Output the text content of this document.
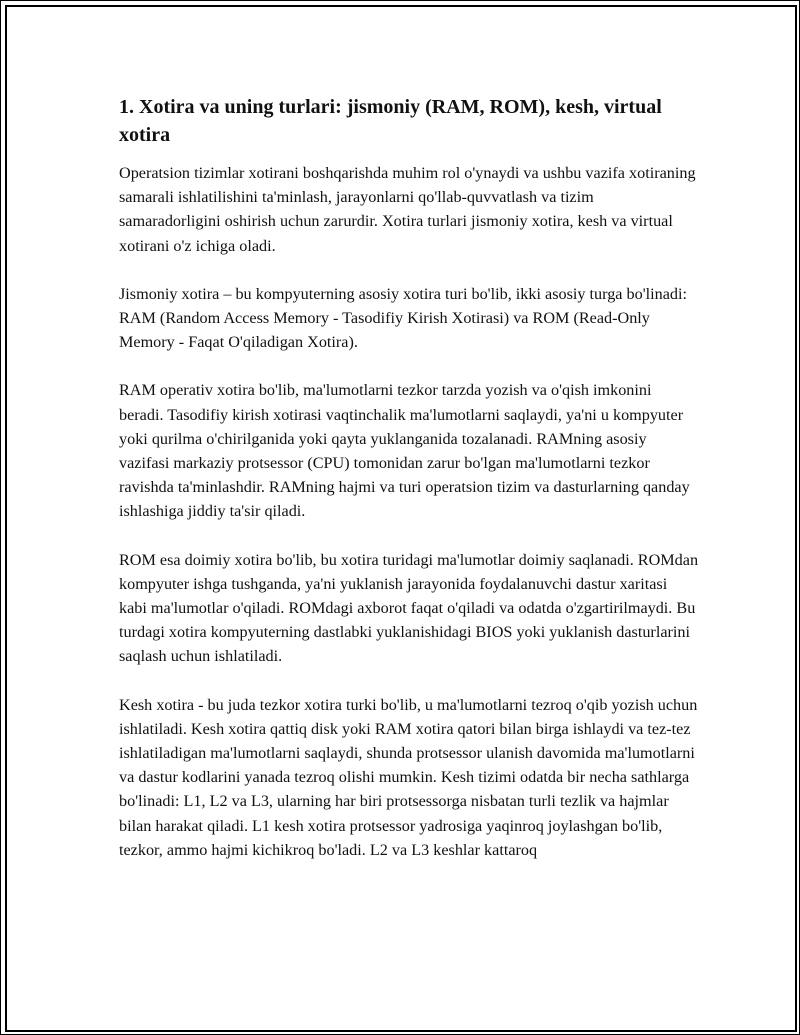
1. Xotira va uning turlari: jismoniy (RAM, ROM), kesh, virtual xotira

Operatsion tizimlar xotirani boshqarishda muhim rol o'ynaydi va ushbu vazifa xotiraning samarali ishlatilishini ta'minlash, jarayonlarni qo'llab-quvvatlash va tizim samaradorligini oshirish uchun zarurdir. Xotira turlari jismoniy xotira, kesh va virtual xotirani o'z ichiga oladi.

Jismoniy xotira – bu kompyuterning asosiy xotira turi bo'lib, ikki asosiy turga bo'linadi: RAM (Random Access Memory - Tasodifiy Kirish Xotirasi) va ROM (Read-Only Memory - Faqat O'qiladigan Xotira).

RAM operativ xotira bo'lib, ma'lumotlarni tezkor tarzda yozish va o'qish imkonini beradi. Tasodifiy kirish xotirasi vaqtinchalik ma'lumotlarni saqlaydi, ya'ni u kompyuter yoki qurilma o'chirilganida yoki qayta yuklanganida tozalanadi. RAMning asosiy vazifasi markaziy protsessor (CPU) tomonidan zarur bo'lgan ma'lumotlarni tezkor ravishda ta'minlashdir. RAMning hajmi va turi operatsion tizim va dasturlarning qanday ishlashiga jiddiy ta'sir qiladi.

ROM esa doimiy xotira bo'lib, bu xotira turidagi ma'lumotlar doimiy saqlanadi. ROMdan kompyuter ishga tushganda, ya'ni yuklanish jarayonida foydalanuvchi dastur xaritasi kabi ma'lumotlar o'qiladi. ROMdagi axborot faqat o'qiladi va odatda o'zgartirilmaydi. Bu turdagi xotira kompyuterning dastlabki yuklanishidagi BIOS yoki yuklanish dasturlarini saqlash uchun ishlatiladi.

Kesh xotira - bu juda tezkor xotira turki bo'lib, u ma'lumotlarni tezroq o'qib yozish uchun ishlatiladi. Kesh xotira qattiq disk yoki RAM xotira qatori bilan birga ishlaydi va tez-tez ishlatiladigan ma'lumotlarni saqlaydi, shunda protsessor ulanish davomida ma'lumotlarni va dastur kodlarini yanada tezroq olishi mumkin. Kesh tizimi odatda bir necha sathlarga bo'linadi: L1, L2 va L3, ularning har biri protsessorga nisbatan turli tezlik va hajmlar bilan harakat qiladi. L1 kesh xotira protsessor yadrosiga yaqinroq joylashgan bo'lib, tezkor, ammo hajmi kichikroq bo'ladi. L2 va L3 keshlar kattaroq
